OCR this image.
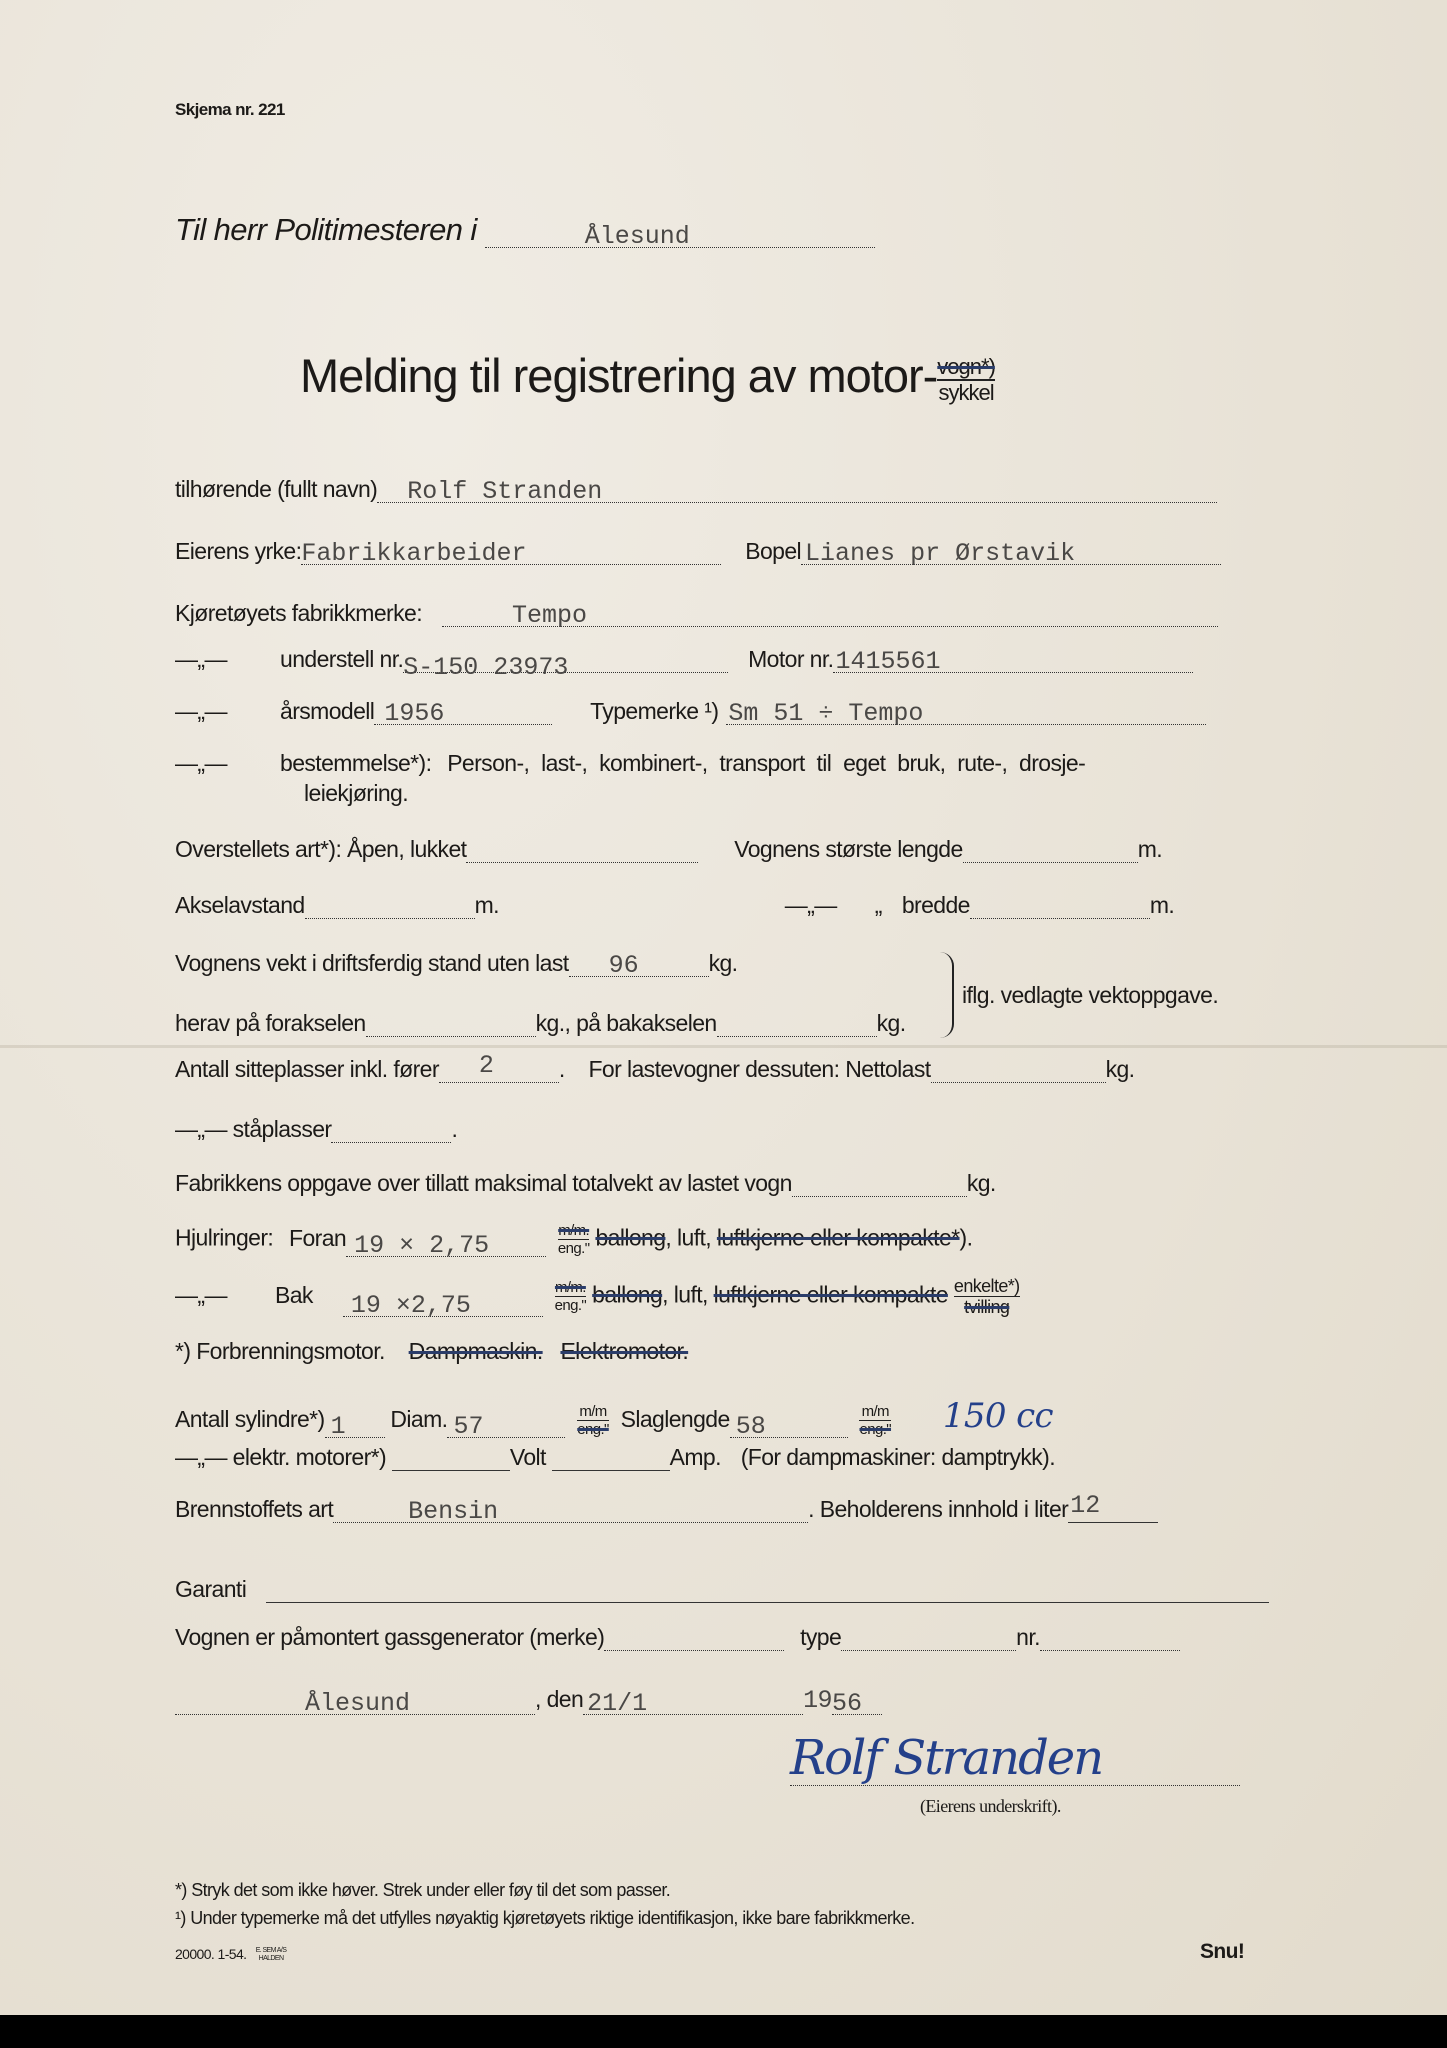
Skjema nr. 221
Til herr Politimesteren i	Ålesund
Melding til registrering av motor- vogn*)
sykkel
tilhørende (fullt navn) Rolf Stranden
Eierens yrke: Fabrikkarbeider	Bopel Lianes pr Ørstavik
Kjøretøyets fabrikkmerke:	Tempo
—„— understell nr. S-150 23973	Motor nr. 1415561
—„— årsmodell 1956	Typemerke ¹) Sm 51 ÷ Tempo
—„— bestemmelse*): Person-, last-, kombinert-, transport til eget bruk, rute-, drosje-
leiekjøring.
Overstellets art*): Åpen, lukket	Vognens største lengde	m.
Akselavstand	m.	—„— „ bredde	m.
Vognens vekt i driftsferdig stand uten last 96	kg.
herav på forakselen	kg., på bakakselen	kg.
iflg. vedlagte vektoppgave.
Antall sitteplasser inkl. fører 2	. For lastevogner dessuten: Nettolast	kg.
—„— ståplasser	.
Fabrikkens oppgave over tillatt maksimal totalvekt av lastet vogn	kg.
Hjulringer: Foran 19 × 2,75
	$\frac{m/m.}{\text{eng."}}$ ballong, luft, luftkjerne eller kompakte*).
—„— Bak 19 ×2,75
	$\frac{m/m.}{\text{eng."}}$ ballong, luft, luftkjerne eller kompakte $\frac{\text{enkelte*)}}{\text{tvilling}}$
*) Forbrenningsmotor. Dampmaskin. Elektromotor.
Antall sylindre*) 1 Diam. 57
	$\frac{m/m}{\text{eng."}}$ Slaglengde 58
	$\frac{m/m}{\text{eng."}} 150$ cc
—„— elektr. motorer*)	Volt	Amp. (For dampmaskiner: damptrykk).
Brennstoffets art	Bensin	. Beholderens innhold i liter 12
Garanti
Vognen er påmontert gassgenerator (merke)	type	nr.
Ålesund	, den 21/1	19 56
Rolf Stranden
(Eierens underskrift).
*) Stryk det som ikke høver. Strek under eller føy til det som passer.
¹) Under typemerke må det utfylles nøyaktig kjøretøyets riktige identifikasjon, ikke bare fabrikkmerke.
20000. 1-54. E. SEM A/S
HALDEN	Snu!
